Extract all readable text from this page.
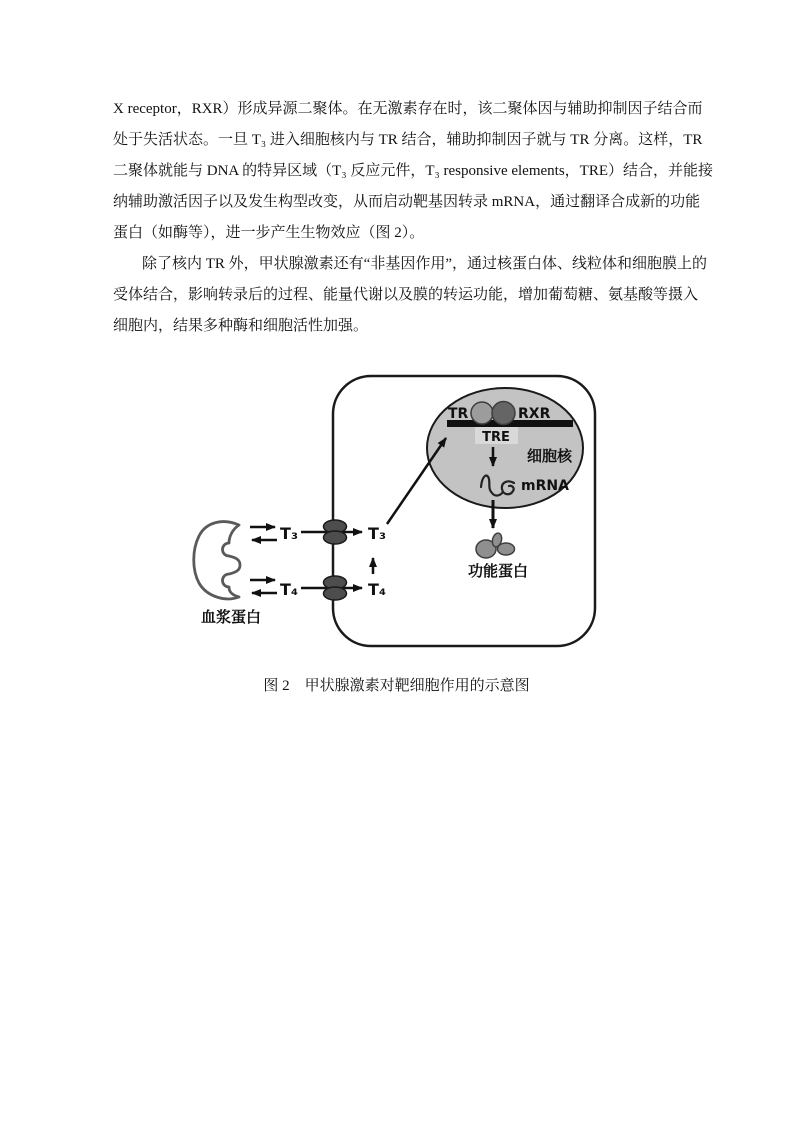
X receptor，RXR）形成异源二聚体。在无激素存在时，该二聚体因与辅助抑制因子结合而
处于失活状态。一旦 T₃ 进入细胞核内与 TR 结合，辅助抑制因子就与 TR 分离。这样，TR
二聚体就能与 DNA 的特异区域（T₃ 反应元件，T₃ responsive elements，TRE）结合，并能接
纳辅助激活因子以及发生构型改变，从而启动靶基因转录 mRNA，通过翻译合成新的功能
蛋白（如酶等），进一步产生生物效应（图 2）。
除了核内 TR 外，甲状腺激素还有“非基因作用”，通过核蛋白体、线粒体和细胞膜上的
受体结合，影响转录后的过程、能量代谢以及膜的转运功能，增加葡萄糖、氨基酸等摄入
细胞内，结果多种酶和细胞活性加强。
TR	RXR
TRE
细胞核
mRNA
功能蛋白
血浆蛋白
T₃
T₄
T₃
T₄
图 2 甲状腺激素对靶细胞作用的示意图
